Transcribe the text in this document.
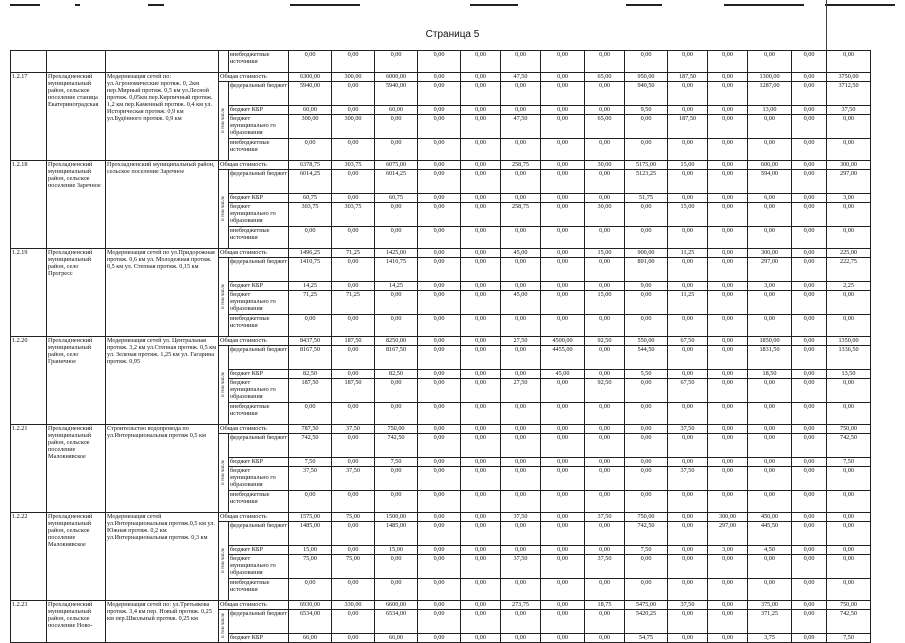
Страница 5
				внебюджетные источники	0,00	0,00	0,00	0,00	0,00	0,00	0,00	0,00	0,00	0,00	0,00	0,00	0,00	0,00
1.2.17	Прохладненский муниципальный район, сельское поселение станица Екатериноградская	Модернизация сетей по: ул.Агрономические протяж. 0, 2км пер.Мирный протяж. 0,5 км ул.Лесной протяж. 0,05км пер.Кирпичный протяж. 1,2 км пер.Каменный протяж. 0,4 км ул. Историческая протяж. 0,9 км ул.Будённого протяж. 0,9 км	Общая стоимость		6300,00	300,00	6000,00	0,00	0,00	47,50	0,00	65,00	950,00	187,50	0,00	1300,00	0,00	3750,00
			в том числе	федеральный бюджет	5940,00	0,00	5940,00	0,00	0,00	0,00	0,00	0,00	940,50	0,00	0,00	1287,00	0,00	3712,50
				бюджет КБР	60,00	0,00	60,00	0,00	0,00	0,00	0,00	0,00	9,50	0,00	0,00	13,00	0,00	37,50
				бюджет муниципально го образования	300,00	300,00	0,00	0,00	0,00	47,50	0,00	65,00	0,00	187,50	0,00	0,00	0,00	0,00
				внебюджетные источники	0,00	0,00	0,00	0,00	0,00	0,00	0,00	0,00	0,00	0,00	0,00	0,00	0,00	0,00
1.2.18	Прохладненский муниципальный район, сельское поселение Заречное	Прохладненский муниципальный район, сельское поселение Заречное	Общая стоимость		6378,75	303,75	6075,00	0,00	0,00	258,75	0,00	30,00	5175,00	15,00	0,00	600,00	0,00	300,00
			в том числе	федеральный бюджет	6014,25	0,00	6014,25	0,00	0,00	0,00	0,00	0,00	5123,25	0,00	0,00	594,00	0,00	297,00
				бюджет КБР	60,75	0,00	60,75	0,00	0,00	0,00	0,00	0,00	51,75	0,00	0,00	6,00	0,00	3,00
				бюджет муниципально го образования	303,75	303,75	0,00	0,00	0,00	258,75	0,00	30,00	0,00	15,00	0,00	0,00	0,00	0,00
				внебюджетные источники	0,00	0,00	0,00	0,00	0,00	0,00	0,00	0,00	0,00	0,00	0,00	0,00	0,00	0,00
1.2.19	Прохладненский муниципальный район, село Прогресс	Модернизация сетей по ул.Придорожная протяж. 0,6 км ул. Молодежная протяж. 0,5 км ул. Степная протяж. 0,15 км	Общая стоимость		1496,25	71,25	1425,00	0,00	0,00	45,00	0,00	15,00	900,00	11,25	0,00	300,00	0,00	225,00
			в том числе	федеральный бюджет	1410,75	0,00	1410,75	0,00	0,00	0,00	0,00	0,00	891,00	0,00	0,00	297,00	0,00	222,75
				бюджет КБР	14,25	0,00	14,25	0,00	0,00	0,00	0,00	0,00	9,00	0,00	0,00	3,00	0,00	2,25
				бюджет муниципально го образования	71,25	71,25	0,00	0,00	0,00	45,00	0,00	15,00	0,00	11,25	0,00	0,00	0,00	0,00
				внебюджетные источники	0,00	0,00	0,00	0,00	0,00	0,00	0,00	0,00	0,00	0,00	0,00	0,00	0,00	0,00
1.2.20	Прохладненский муниципальный район, село Граничное	Модернизация сетей ул. Центральная протяж. 3,2 км ул.Степная протяж. 0,5 км ул. Зеленая протяж. 1,25 км ул. Гагарина протяж. 0,95	Общая стоимость		8437,50	187,50	8250,00	0,00	0,00	27,50	4500,00	92,50	550,00	67,50	0,00	1850,00	0,00	1350,00
			в том числе	федеральный бюджет	8167,50	0,00	8167,50	0,00	0,00	0,00	4455,00	0,00	544,50	0,00	0,00	1831,50	0,00	1336,50
				бюджет КБР	82,50	0,00	82,50	0,00	0,00	0,00	45,00	0,00	5,50	0,00	0,00	18,50	0,00	13,50
				бюджет муниципально го образования	187,50	187,50	0,00	0,00	0,00	27,50	0,00	92,50	0,00	67,50	0,00	0,00	0,00	0,00
				внебюджетные источники	0,00	0,00	0,00	0,00	0,00	0,00	0,00	0,00	0,00	0,00	0,00	0,00	0,00	0,00
1.2.21	Прохладненский муниципальный район, сельское поселение Малокнявское	Строительство водопровода по ул.Интернациональная протяж 0,5 км	Общая стоимость		787,50	37,50	750,00	0,00	0,00	0,00	0,00	0,00	0,00	37,50	0,00	0,00	0,00	750,00
			в том числе	федеральный бюджет	742,50	0,00	742,50	0,00	0,00	0,00	0,00	0,00	0,00	0,00	0,00	0,00	0,00	742,50
				бюджет КБР	7,50	0,00	7,50	0,00	0,00	0,00	0,00	0,00	0,00	0,00	0,00	0,00	0,00	7,50
				бюджет муниципально го образования	37,50	37,50	0,00	0,00	0,00	0,00	0,00	0,00	0,00	37,50	0,00	0,00	0,00	0,00
				внебюджетные источники	0,00	0,00	0,00	0,00	0,00	0,00	0,00	0,00	0,00	0,00	0,00	0,00	0,00	0,00
1.2.22	Прохладненский муниципальный район, сельское поселение Малокнявское	Модернизация сетей ул.Интернациональная протяж.0,5 км ул. Южная протяж. 0,2 км ул.Интернациональная протяж. 0,3 км	Общая стоимость		1575,00	75,00	1500,00	0,00	0,00	37,50	0,00	37,50	750,00	0,00	300,00	450,00	0,00	0,00
			в том числе	федеральный бюджет	1485,00	0,00	1485,00	0,00	0,00	0,00	0,00	0,00	742,50	0,00	297,00	445,50	0,00	0,00
				бюджет КБР	15,00	0,00	15,00	0,00	0,00	0,00	0,00	0,00	7,50	0,00	3,00	4,50	0,00	0,00
				бюджет муниципально го образования	75,00	75,00	0,00	0,00	0,00	37,50	0,00	37,50	0,00	0,00	0,00	0,00	0,00	0,00
				внебюджетные источники	0,00	0,00	0,00	0,00	0,00	0,00	0,00	0,00	0,00	0,00	0,00	0,00	0,00	0,00
1.2.23	Прохладненский муниципальный район, сельское поселение Ново-	Модернизация сетей по: ул.Третьякова протяж. 3,4 км пер. Новый протяж. 0,25 км пер.Школьный протяж. 0,25 км	Общая стоимость		6930,00	330,00	6600,00	0,00	0,00	273,75	0,00	18,75	5475,00	37,50	0,00	375,00	0,00	750,00
			в том числе	федеральный бюджет	6534,00	0,00	6534,00	0,00	0,00	0,00	0,00	0,00	5420,25	0,00	0,00	371,25	0,00	742,50
				бюджет КБР	66,00	0,00	66,00	0,00	0,00	0,00	0,00	0,00	54,75	0,00	0,00	3,75	0,09	7,50
